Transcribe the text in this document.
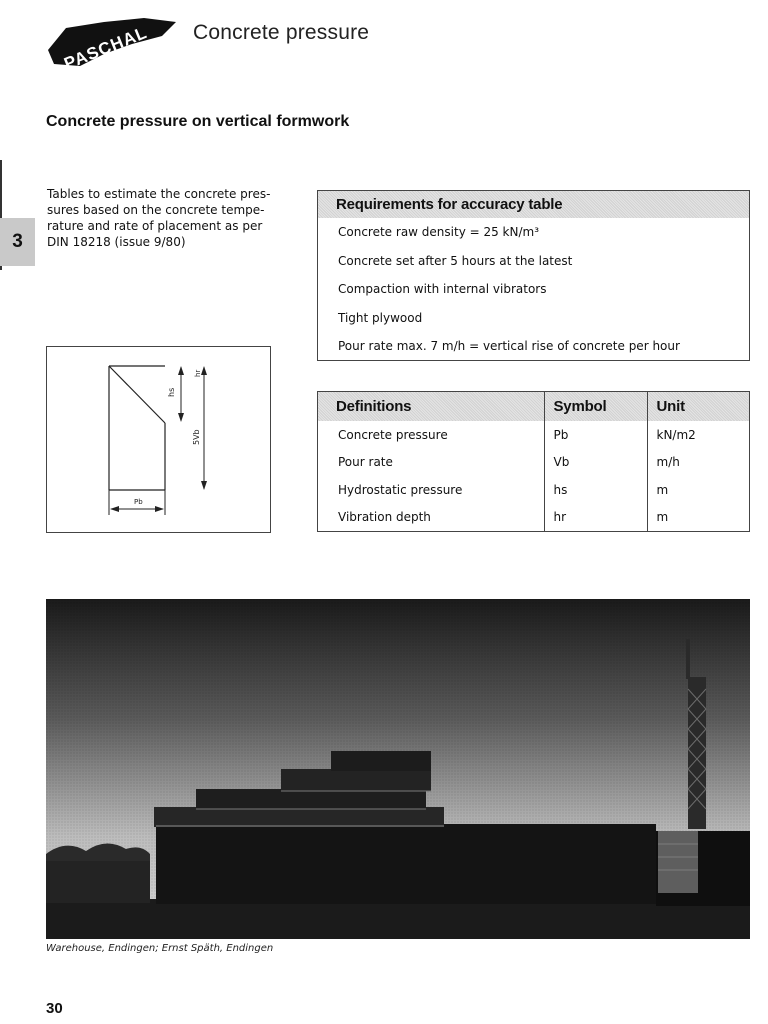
PASCHAL Concrete pressure
Concrete pressure on vertical formwork
3
Tables to estimate the concrete pres-
sures based on the concrete tempe-
rature and rate of placement as per
DIN 18218 (issue 9/80)
Requirements for accuracy table
Concrete raw density = 25 kN/m³
Concrete set after 5 hours at the latest
Compaction with internal vibrators
Tight plywood
Pour rate max. 7 m/h = vertical rise of concrete per hour
Definitions	Symbol	Unit
Concrete pressure	Pb	kN/m2
Pour rate	Vb	m/h
Hydrostatic pressure	hs	m
Vibration depth	hr	m
hs
hr
5Vb
Pb
Warehouse, Endingen; Ernst Späth, Endingen
30
